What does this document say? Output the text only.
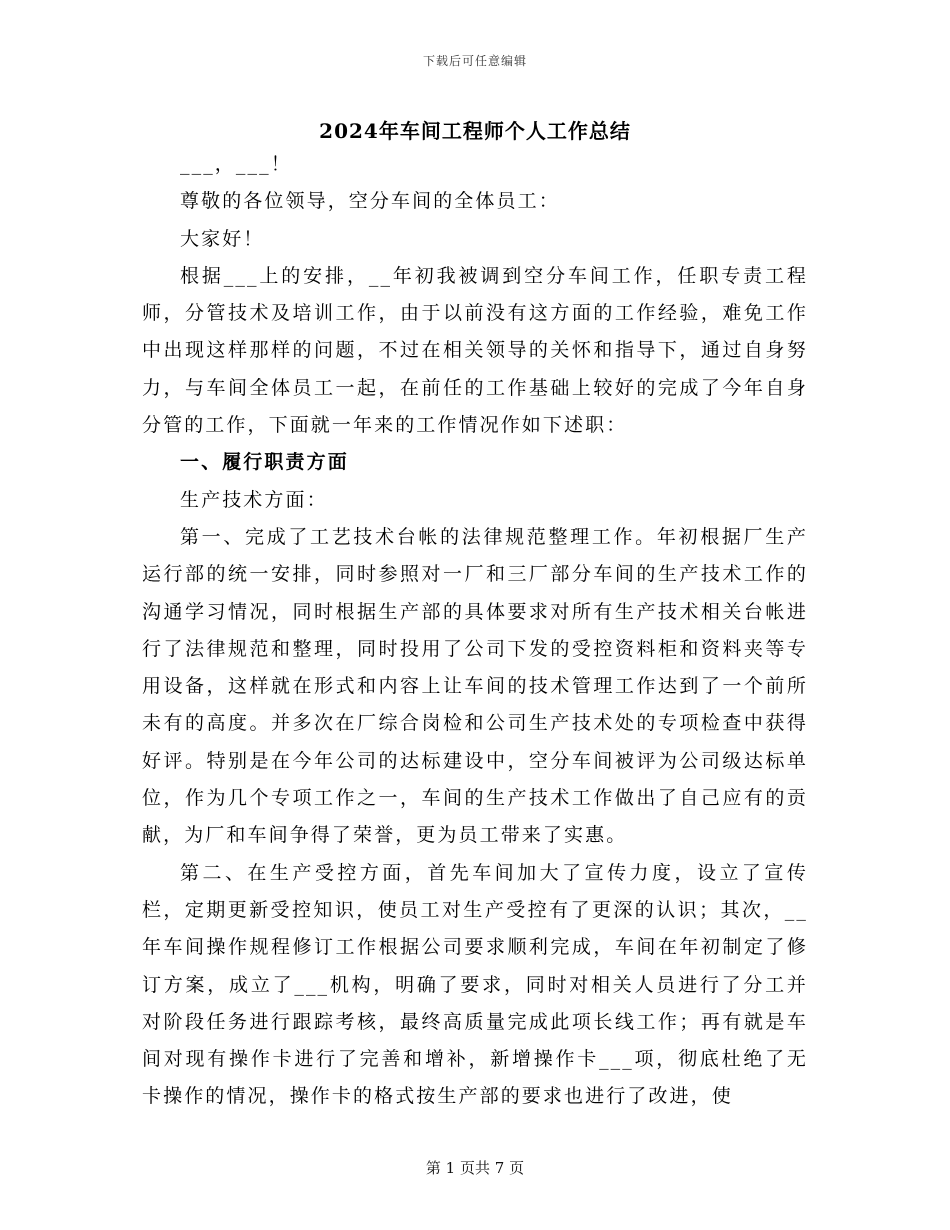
下载后可任意编辑
2024年车间工程师个人工作总结

___，___！

尊敬的各位领导，空分车间的全体员工：

大家好！

根据___上的安排，__年初我被调到空分车间工作，任职专责工程师，分管技术及培训工作，由于以前没有这方面的工作经验，难免工作中出现这样那样的问题，不过在相关领导的关怀和指导下，通过自身努力，与车间全体员工一起，在前任的工作基础上较好的完成了今年自身分管的工作，下面就一年来的工作情况作如下述职：

一、履行职责方面

生产技术方面：

第一、完成了工艺技术台帐的法律规范整理工作。年初根据厂生产运行部的统一安排，同时参照对一厂和三厂部分车间的生产技术工作的沟通学习情况，同时根据生产部的具体要求对所有生产技术相关台帐进行了法律规范和整理，同时投用了公司下发的受控资料柜和资料夹等专用设备，这样就在形式和内容上让车间的技术管理工作达到了一个前所未有的高度。并多次在厂综合岗检和公司生产技术处的专项检查中获得好评。特别是在今年公司的达标建设中，空分车间被评为公司级达标单位，作为几个专项工作之一，车间的生产技术工作做出了自己应有的贡献，为厂和车间争得了荣誉，更为员工带来了实惠。

第二、在生产受控方面，首先车间加大了宣传力度，设立了宣传栏，定期更新受控知识，使员工对生产受控有了更深的认识；其次，__年车间操作规程修订工作根据公司要求顺利完成，车间在年初制定了修订方案，成立了___机构，明确了要求，同时对相关人员进行了分工并对阶段任务进行跟踪考核，最终高质量完成此项长线工作；再有就是车间对现有操作卡进行了完善和增补，新增操作卡___项，彻底杜绝了无卡操作的情况，操作卡的格式按生产部的要求也进行了改进，使

第 1 页共 7 页
